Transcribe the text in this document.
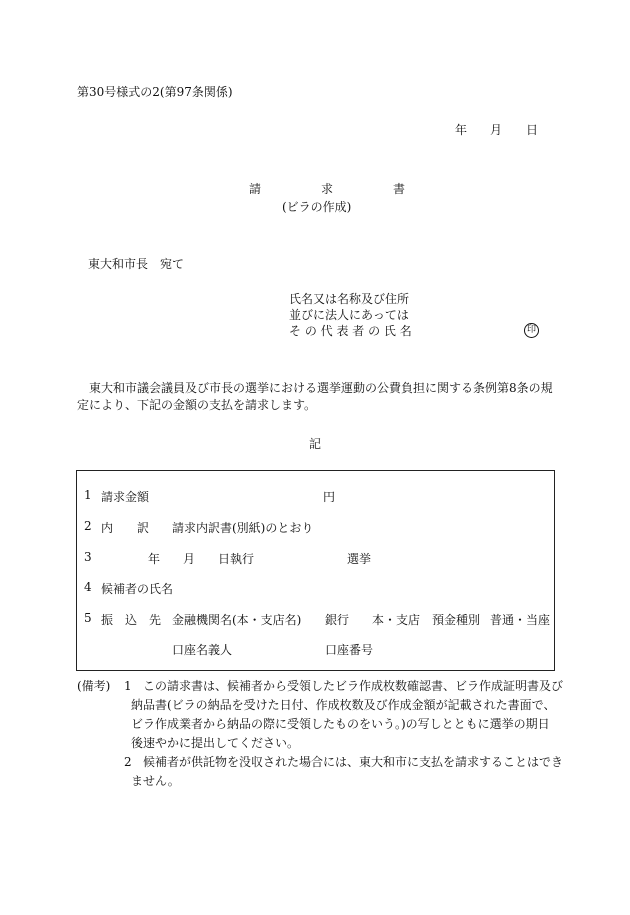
第30号様式の2(第97条関係)
年 月 日
請　　　　　求　　　　　書
(ビラの作成)
東大和市長　宛て
氏名又は名称及び住所
並びに法人にあっては
そ の 代 表 者 の 氏 名	印
東大和市議会議員及び市長の選挙における選挙運動の公費負担に関する条例第8条の規定により、下記の金額の支払を請求します。
記
1 請求金額	円
2 内　　訳 請求内訳書(別紙)のとおり
3	年 月 日執行	選挙
4 候補者の氏名
5 振　込　先 金融機関名(本・支店名) 銀行 本・支店 預金種別 普通・当座
口座名義人	口座番号
(備考) 1 この請求書は、候補者から受領したビラ作成枚数確認書、ビラ作成証明書及び
納品書(ビラの納品を受けた日付、作成枚数及び作成金額が記載された書面で、
ビラ作成業者から納品の際に受領したものをいう。)の写しとともに選挙の期日
後速やかに提出してください。
2 候補者が供託物を没収された場合には、東大和市に支払を請求することはでき
ません。
